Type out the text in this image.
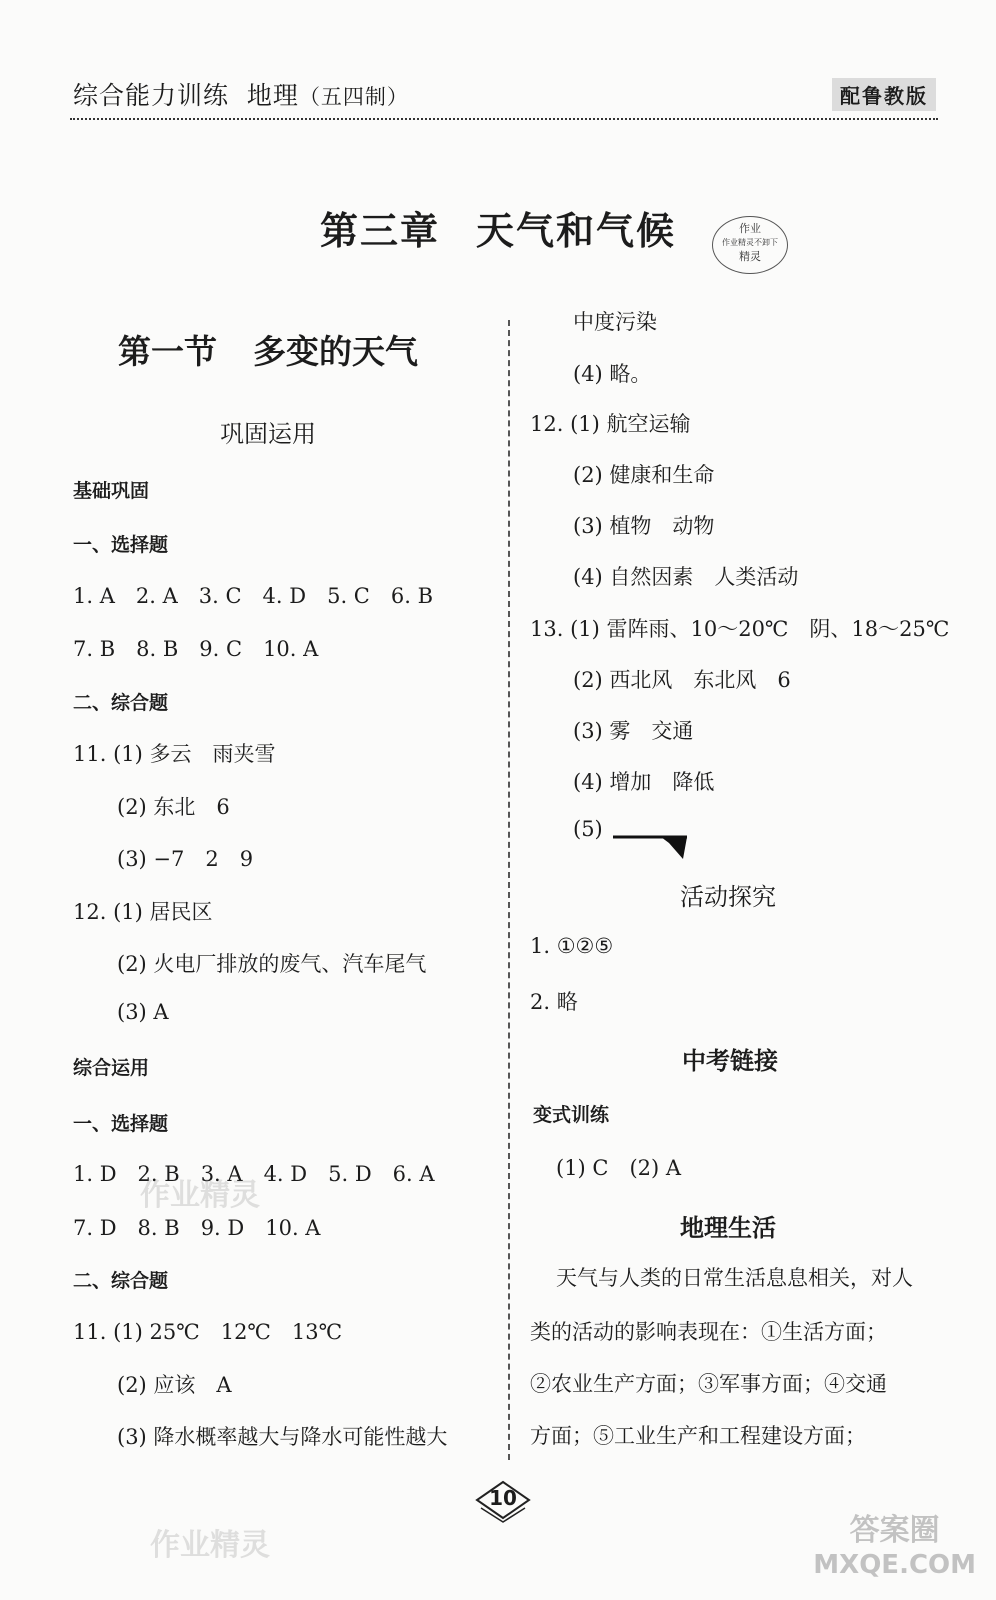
综合能力训练 地理（五四制）	配鲁教版
第三章 天气和气候	作业
作业精灵不卸下
精灵
第一节 多变的天气
巩固运用
基础巩固
一、选择题
1. A　2. A　3. C　4. D　5. C　6. B
7. B　8. B　9. C　10. A
二、综合题
11. (1) 多云　雨夹雪
(2) 东北　6
(3) −7　2　9
12. (1) 居民区
(2) 火电厂排放的废气、汽车尾气
(3) A
综合运用
一、选择题
1. D　2. B　3. A　4. D　5. D　6. A
7. D　8. B　9. D　10. A
二、综合题
11. (1) 25℃　12℃　13℃
(2) 应该　A
(3) 降水概率越大与降水可能性越大
中度污染
(4) 略。
12. (1) 航空运输
(2) 健康和生命
(3) 植物　动物
(4) 自然因素　人类活动
13. (1) 雷阵雨、10～20℃　阴、18～25℃
(2) 西北风　东北风　6
(3) 雾　交通
(4) 增加　降低
(5)
活动探究
1. ①②⑤
2. 略
中考链接
变式训练
(1) C　(2) A
地理生活
天气与人类的日常生活息息相关，对人
类的活动的影响表现在：①生活方面；
②农业生产方面；③军事方面；④交通
方面；⑤工业生产和工程建设方面；
作业精灵
作业精灵
10
答案圈
MXQE.COM
